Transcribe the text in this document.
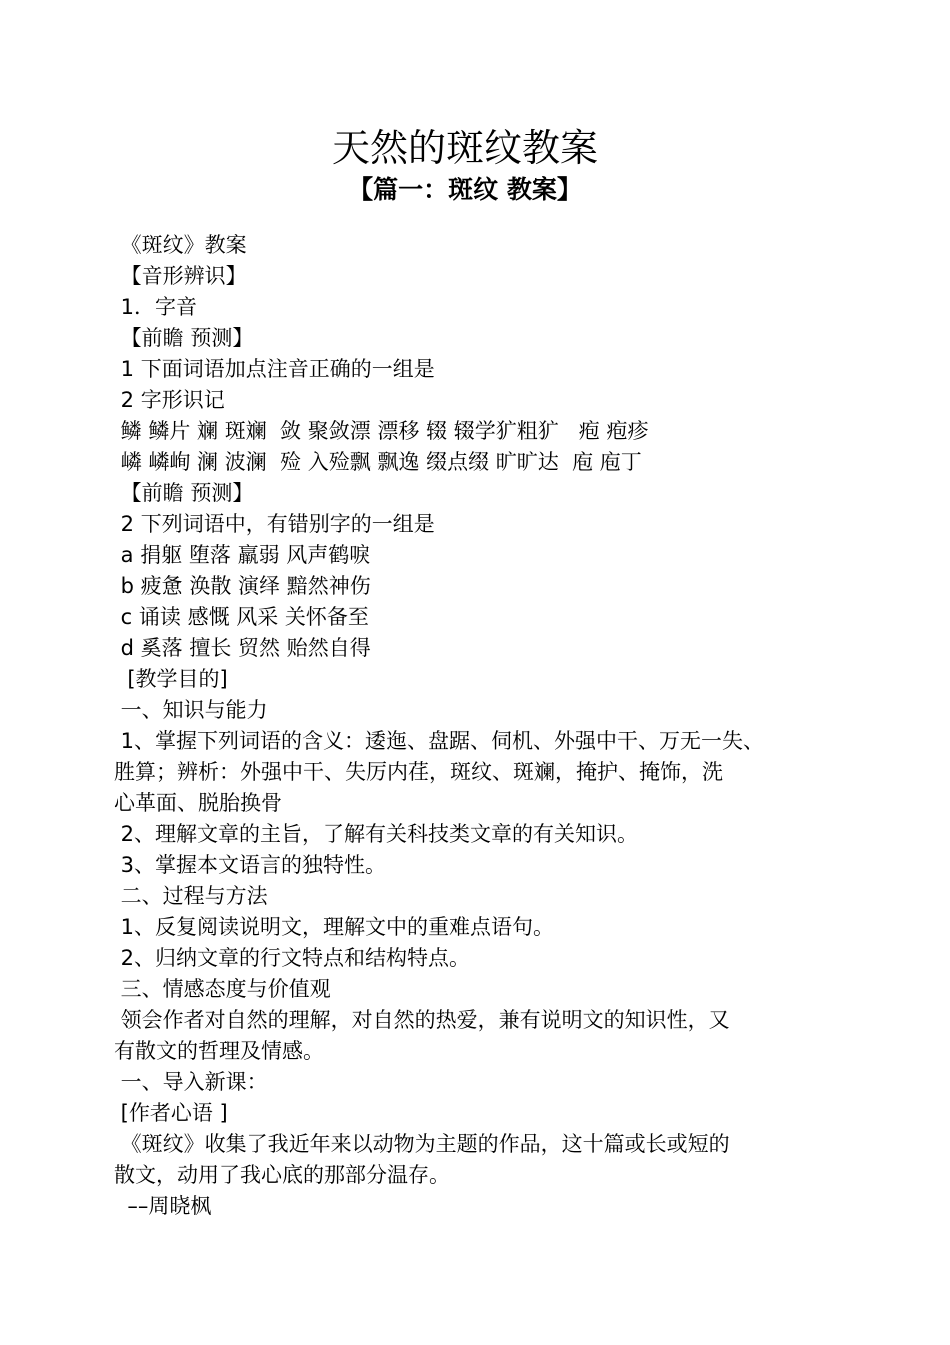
天然的斑纹教案
【篇一：斑纹 教案】

《斑纹》教案

【音形辨识】

1．字音

【前瞻 预测】

1 下面词语加点注音正确的一组是

2 字形识记

鳞 鳞片 斓 斑斓  敛 聚敛漂 漂移 辍 辍学犷粗犷   疱 疱疹

嶙 嶙峋 澜 波澜  殓 入殓飘 飘逸 缀点缀 旷旷达  庖 庖丁

【前瞻 预测】

2 下列词语中，有错别字的一组是

a 捐躯 堕落 羸弱 风声鹤唳

b 疲惫 涣散 演绎 黯然神伤

c 诵读 感慨 风采 关怀备至

d 奚落 擅长 贸然 贻然自得

[教学目的]

一、知识与能力

1、掌握下列词语的含义：逶迤、盘踞、伺机、外强中干、万无一失、

胜算；辨析：外强中干、失厉内荏，斑纹、斑斓，掩护、掩饰，洗

心革面、脱胎换骨

2、理解文章的主旨，了解有关科技类文章的有关知识。

3、掌握本文语言的独特性。

二、过程与方法

1、反复阅读说明文，理解文中的重难点语句。

2、归纳文章的行文特点和结构特点。

三、情感态度与价值观

领会作者对自然的理解，对自然的热爱，兼有说明文的知识性，又

有散文的哲理及情感。

一、导入新课：

[作者心语 ]

《斑纹》收集了我近年来以动物为主题的作品，这十篇或长或短的

散文，动用了我心底的那部分温存。

––周晓枫
